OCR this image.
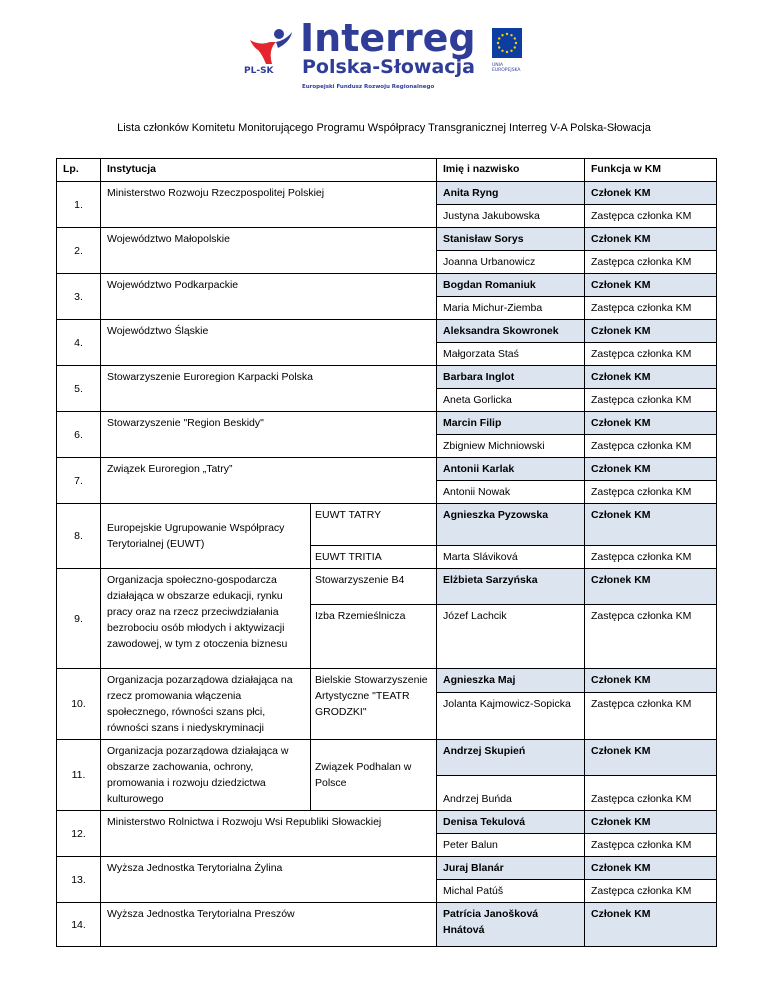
PL-SK
Interreg
Polska-Słowacja
Europejski Fundusz Rozwoju Regionalnego
UNIA EUROPEJSKA
Lista członków Komitetu Monitorującego Programu Współpracy Transgranicznej Interreg V-A Polska-Słowacja
Lp.	Instytucja		Imię i nazwisko	Funkcja w KM
1.	Ministerstwo Rozwoju Rzeczpospolitej Polskiej		Anita Ryng	Członek KM
			Justyna Jakubowska	Zastępca członka KM
2.	Województwo Małopolskie		Stanisław Sorys	Członek KM
			Joanna Urbanowicz	Zastępca członka KM
3.	Województwo Podkarpackie		Bogdan Romaniuk	Członek KM
			Maria Michur-Ziemba	Zastępca członka KM
4.	Województwo Śląskie		Aleksandra Skowronek	Członek KM
			Małgorzata Staś	Zastępca członka KM
5.	Stowarzyszenie Euroregion Karpacki Polska		Barbara Inglot	Członek KM
			Aneta Gorlicka	Zastępca członka KM
6.	Stowarzyszenie "Region Beskidy"		Marcin Filip	Członek KM
			Zbigniew Michniowski	Zastępca członka KM
7.	Związek Euroregion „Tatry”		Antonii Karlak	Członek KM
			Antonii Nowak	Zastępca członka KM
8.	Europejskie Ugrupowanie Współpracy Terytorialnej (EUWT)	EUWT TATRY	Agnieszka Pyzowska	Członek KM
		EUWT TRITIA	Marta Sláviková	Zastępca członka KM
9.	Organizacja społeczno-gospodarcza działająca w obszarze edukacji, rynku pracy oraz na rzecz przeciwdziałania bezrobociu osób młodych i aktywizacji zawodowej, w tym z otoczenia biznesu	Stowarzyszenie B4	Elżbieta Sarzyńska	Członek KM
		Izba Rzemieślnicza	Józef Lachcik	Zastępca członka KM
10.	Organizacja pozarządowa działająca na rzecz promowania włączenia społecznego, równości szans płci, równości szans i niedyskryminacji	Bielskie Stowarzyszenie Artystyczne "TEATR GRODZKI"	Agnieszka Maj	Członek KM
			Jolanta Kajmowicz-Sopicka	Zastępca członka KM
11.	Organizacja pozarządowa działająca w obszarze zachowania, ochrony, promowania i rozwoju dziedzictwa kulturowego	Związek Podhalan w Polsce	Andrzej Skupień	Członek KM
			Andrzej Buńda	Zastępca członka KM
12.	Ministerstwo Rolnictwa i Rozwoju Wsi Republiki Słowackiej		Denisa Tekulová	Członek KM
			Peter Balun	Zastępca członka KM
13.	Wyższa Jednostka Terytorialna Żylina		Juraj Blanár	Członek KM
			Michal Patúš	Zastępca członka KM
14.	Wyższa Jednostka Terytorialna Preszów		Patrícia Janošková Hnátová	Członek KM
